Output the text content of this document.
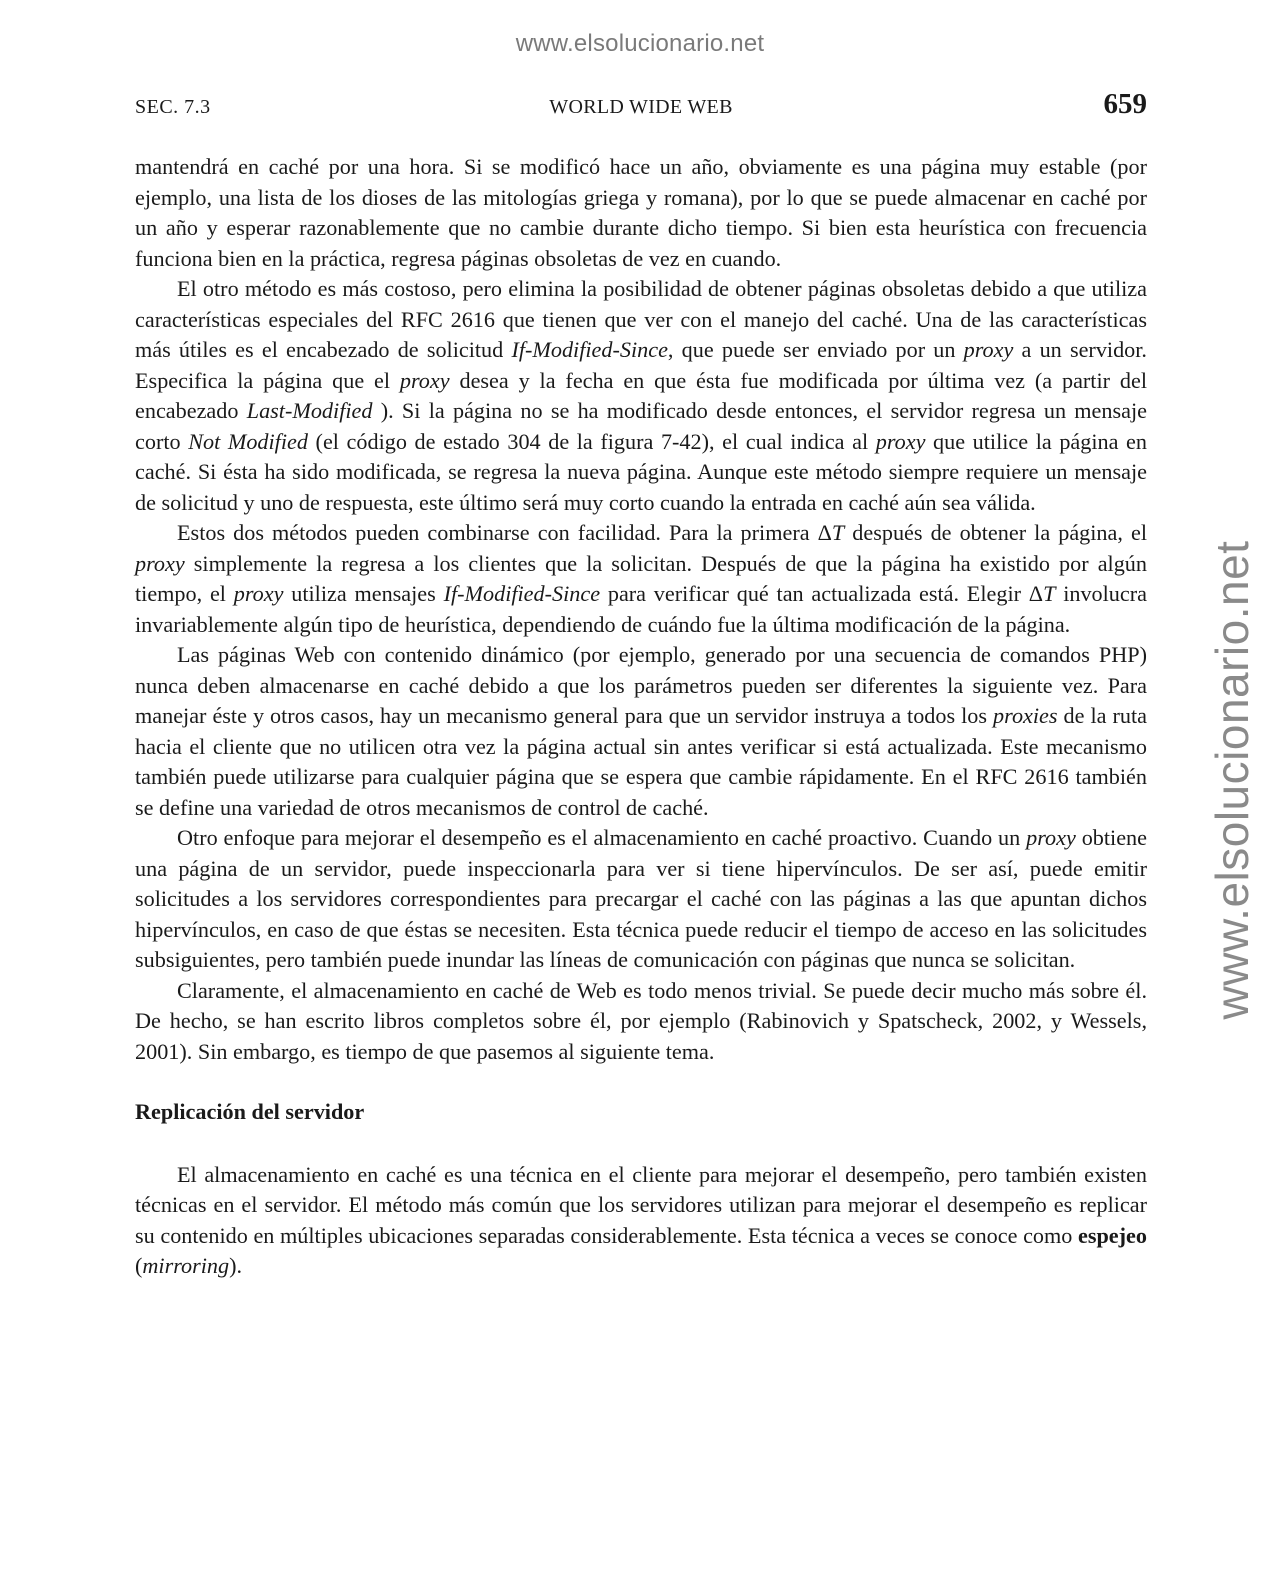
www.elsolucionario.net
www.elsolucionario.net
SEC. 7.3	WORLD WIDE WEB	659

mantendrá en caché por una hora. Si se modificó hace un año, obviamente es una página muy estable (por ejemplo, una lista de los dioses de las mitologías griega y romana), por lo que se puede almacenar en caché por un año y esperar razonablemente que no cambie durante dicho tiempo. Si bien esta heurística con frecuencia funciona bien en la práctica, regresa páginas obsoletas de vez en cuando.

El otro método es más costoso, pero elimina la posibilidad de obtener páginas obsoletas debido a que utiliza características especiales del RFC 2616 que tienen que ver con el manejo del caché. Una de las características más útiles es el encabezado de solicitud If-Modified-Since, que puede ser enviado por un proxy a un servidor. Especifica la página que el proxy desea y la fecha en que ésta fue modificada por última vez (a partir del encabezado Last-Modified ). Si la página no se ha modificado desde entonces, el servidor regresa un mensaje corto Not Modified (el código de estado 304 de la figura 7-42), el cual indica al proxy que utilice la página en caché. Si ésta ha sido modificada, se regresa la nueva página. Aunque este método siempre requiere un mensaje de solicitud y uno de respuesta, este último será muy corto cuando la entrada en caché aún sea válida.

Estos dos métodos pueden combinarse con facilidad. Para la primera ΔT después de obtener la página, el proxy simplemente la regresa a los clientes que la solicitan. Después de que la página ha existido por algún tiempo, el proxy utiliza mensajes If-Modified-Since para verificar qué tan actualizada está. Elegir ΔT involucra invariablemente algún tipo de heurística, dependiendo de cuándo fue la última modificación de la página.

Las páginas Web con contenido dinámico (por ejemplo, generado por una secuencia de comandos PHP) nunca deben almacenarse en caché debido a que los parámetros pueden ser diferentes la siguiente vez. Para manejar éste y otros casos, hay un mecanismo general para que un servidor instruya a todos los proxies de la ruta hacia el cliente que no utilicen otra vez la página actual sin antes verificar si está actualizada. Este mecanismo también puede utilizarse para cualquier página que se espera que cambie rápidamente. En el RFC 2616 también se define una variedad de otros mecanismos de control de caché.

Otro enfoque para mejorar el desempeño es el almacenamiento en caché proactivo. Cuando un proxy obtiene una página de un servidor, puede inspeccionarla para ver si tiene hipervínculos. De ser así, puede emitir solicitudes a los servidores correspondientes para precargar el caché con las páginas a las que apuntan dichos hipervínculos, en caso de que éstas se necesiten. Esta técnica puede reducir el tiempo de acceso en las solicitudes subsiguientes, pero también puede inundar las líneas de comunicación con páginas que nunca se solicitan.

Claramente, el almacenamiento en caché de Web es todo menos trivial. Se puede decir mucho más sobre él. De hecho, se han escrito libros completos sobre él, por ejemplo (Rabinovich y Spatscheck, 2002, y Wessels, 2001). Sin embargo, es tiempo de que pasemos al siguiente tema.

Replicación del servidor

El almacenamiento en caché es una técnica en el cliente para mejorar el desempeño, pero también existen técnicas en el servidor. El método más común que los servidores utilizan para mejorar el desempeño es replicar su contenido en múltiples ubicaciones separadas considerablemente. Esta técnica a veces se conoce como espejeo (mirroring).
